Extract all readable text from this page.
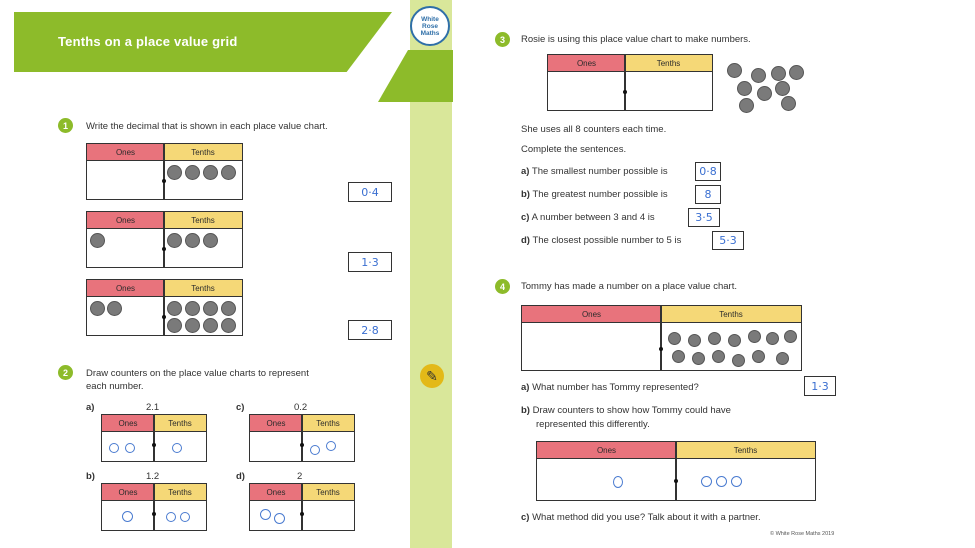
Tenths on a place value grid
White
Rose
Maths
✎
1	Write the decimal that is shown in each place value chart.
Ones	Tenths
0·4
Ones	Tenths
1·3
Ones	Tenths
2·8
2	Draw counters on the place value charts to represent
each number.
a)	2.1
Ones	Tenths
c)	0.2
Ones	Tenths
b)	1.2
Ones	Tenths
d)	2
Ones	Tenths
3	Rosie is using this place value chart to make numbers.
Ones	Tenths
She uses all 8 counters each time.
Complete the sentences.
a) The smallest number possible is	0·8
b) The greatest number possible is	8
c) A number between 3 and 4 is	3·5
d) The closest possible number to 5 is	5·3
4	Tommy has made a number on a place value chart.
Ones	Tenths
a) What number has Tommy represented?	1·3
b) Draw counters to show how Tommy could have
represented this differently.
Ones	Tenths
c) What method did you use? Talk about it with a partner.
© White Rose Maths 2019
